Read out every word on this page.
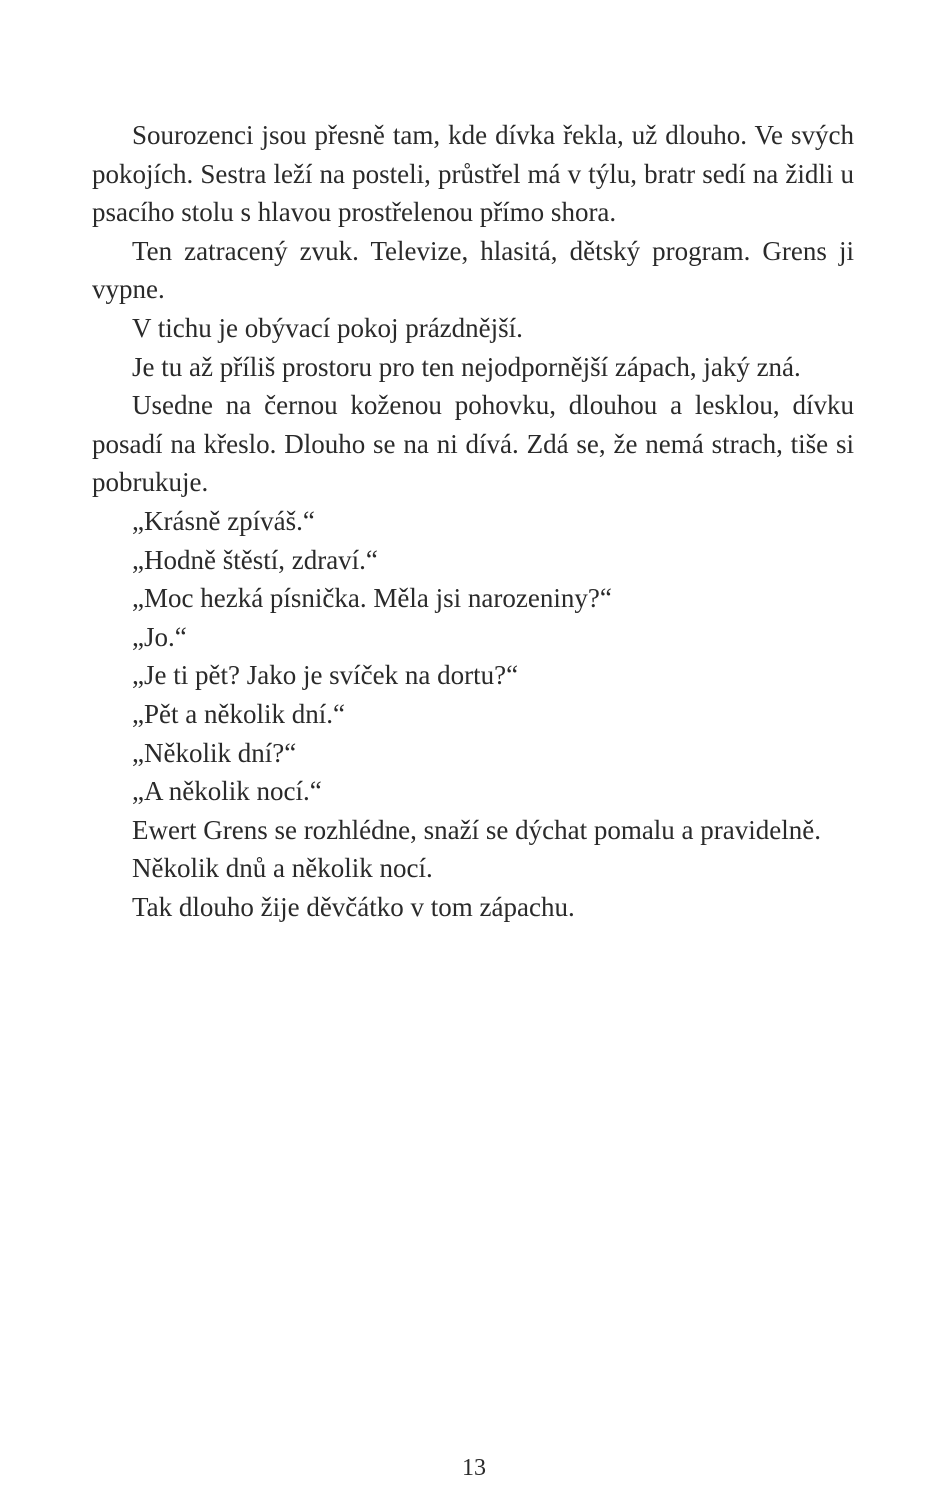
Sourozenci jsou přesně tam, kde dívka řekla, už dlouho. Ve svých pokojích. Sestra leží na posteli, průstřel má v týlu, bratr sedí na židli u psacího stolu s hlavou prostřelenou přímo shora.

Ten zatracený zvuk. Televize, hlasitá, dětský program. Grens ji vypne.

V tichu je obývací pokoj prázdnější.

Je tu až příliš prostoru pro ten nejodpornější zápach, jaký zná.

Usedne na černou koženou pohovku, dlouhou a lesklou, dívku posadí na křeslo. Dlouho se na ni dívá. Zdá se, že nemá strach, tiše si pobrukuje.

„Krásně zpíváš.“

„Hodně štěstí, zdraví.“

„Moc hezká písnička. Měla jsi narozeniny?“

„Jo.“

„Je ti pět? Jako je svíček na dortu?“

„Pět a několik dní.“

„Několik dní?“

„A několik nocí.“

Ewert Grens se rozhlédne, snaží se dýchat pomalu a pravidelně.

Několik dnů a několik nocí.

Tak dlouho žije děvčátko v tom zápachu.

13
